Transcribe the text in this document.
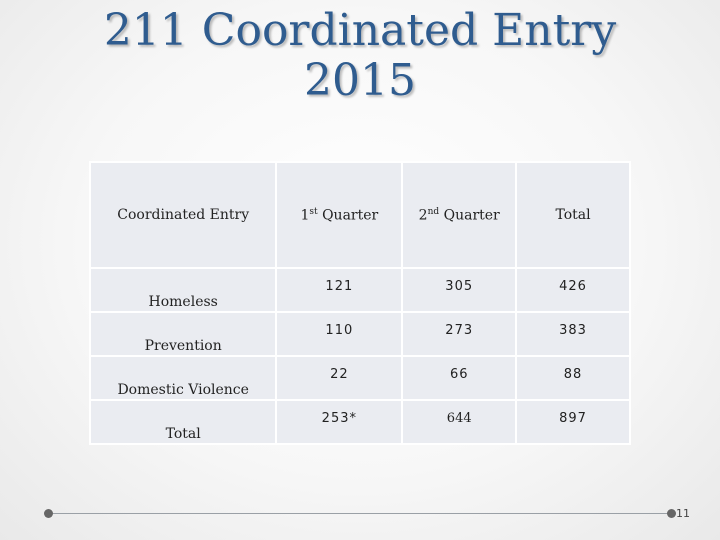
211 Coordinated Entry
2015
Coordinated Entry	1st Quarter	2nd Quarter	Total
Homeless	121	305	426
Prevention	110	273	383
Domestic Violence	22	66	88
Total	253*	644	897
11
